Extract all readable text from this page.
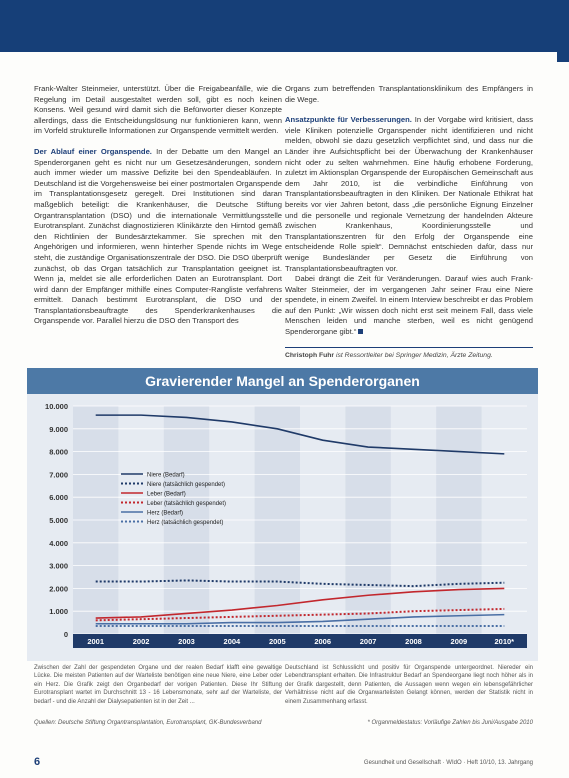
Frank-Walter Steinmeier, unterstützt. Über die Freigabeanfälle, wie die Regelung im Detail ausgestaltet werden soll, gibt es noch keinen Konsens. Weil gesund wird damit sich die Befürworter dieser Konzepte allerdings, dass die Entscheidungslösung nur funktionieren kann, wenn im Vorfeld strukturelle Informationen zur Organspende vermittelt werden.

Der Ablauf einer Organspende. In der Debatte um den Mangel an Spenderorganen geht es nicht nur um Gesetzesänderungen, sondern auch immer wieder um massive Defizite bei den Spendeabläufen. In Deutschland ist die Vorgehensweise bei einer postmortalen Organspende im Transplantationsgesetz geregelt. Drei Institutionen sind daran maßgeblich beteiligt: die Krankenhäuser, die Deutsche Stiftung Organtransplantation (DSO) und die internationale Vermittlungsstelle Eurotransplant. Zunächst diagnostizieren Klinikärzte den Hirntod gemäß den Richtlinien der Bundesärztekammer. Sie sprechen mit den Angehörigen und informieren, wenn hinterher Spende nichts im Wege steht, die zuständige Organisationszentrale der DSO. Die DSO überprüft zunächst, ob das Organ tatsächlich zur Transplantation geeignet ist. Wenn ja, meldet sie alle erforderlichen Daten an Eurotransplant. Dort wird dann der Empfänger mithilfe eines Computer-Rangliste verfahrens ermittelt. Danach bestimmt Eurotransplant, die DSO und der Transplantationsbeauftragte des Spenderkrankenhauses die Organspende vor. Parallel hierzu die DSO den Transport des

Organs zum betreffenden Transplantationsklinikum des Empfängers in die Wege.

Ansatzpunkte für Verbesserungen. In der Vorgabe wird kritisiert, dass viele Kliniken potenzielle Organspender nicht identifizieren und nicht melden, obwohl sie dazu gesetzlich verpflichtet sind, und dass nur die Länder ihre Aufsichtspflicht bei der Überwachung der Krankenhäuser nicht oder zu selten wahrnehmen. Eine häufig erhobene Forderung, zuletzt im Aktionsplan Organspende der Europäischen Gemeinschaft aus dem Jahr 2010, ist die verbindliche Einführung von Transplantationsbeauftragten in den Kliniken. Der Nationale Ethikrat hat bereits vor vier Jahren betont, dass „die persönliche Eignung Einzelner und die personelle und regionale Vernetzung der handelnden Akteure zwischen Krankenhaus, Koordinierungsstelle und Transplantationszentren für den Erfolg der Organspende eine entscheidende Rolle spielt“. Demnächst entschieden dafür, dass nur wenige Bundesländer per Gesetz die Einführung von Transplantationsbeauftragten vor.

Dabei drängt die Zeit für Veränderungen. Darauf wies auch Frank-Walter Steinmeier, der im vergangenen Jahr seiner Frau eine Niere spendete, in einem Zweifel. In einem Interview beschreibt er das Problem auf den Punkt: „Wir wissen doch nicht erst seit meinem Fall, dass viele Menschen leiden und manche sterben, weil es nicht genügend Spenderorgane gibt.“

Christoph Fuhr ist Ressortleiter bei Springer Medizin, Ärzte Zeitung.
Gravierender Mangel an Spenderorganen
0
1.000
2.000
3.000
4.000
5.000
6.000
7.000
8.000
9.000
10.000
2001	2002	2003	2004	2005	2006	2007	2008	2009	2010*
Niere (Bedarf)
Niere (tatsächlich gespendet)
Leber (Bedarf)
Leber (tatsächlich gespendet)
Herz (Bedarf)
Herz (tatsächlich gespendet)
Zwischen der Zahl der gespendeten Organe und der realen Bedarf klafft eine gewaltige Lücke. Die meisten Patienten auf der Warteliste benötigen eine neue Niere, eine Leber oder ein Herz. Die Grafik zeigt den Organbedarf der vorigen Patienten. Diese Ihr Stiftung Eurotransplant wartet im Durchschnitt 13 - 16 Lebensmonate, sehr auf der Warteliste, der bedarf - und die Anzahl der Dialysepatienten ist in der Zeit ...
Deutschland ist Schlusslicht und positiv für Organspende untergeordnet. Niereder ein Lebendtransplant erhalten. Die Infrastruktur Bedarf an Spendeorgane liegt noch höher als in der Grafik dargestellt, denn Patienten, die Aussagen wenn wegen ein lebensgefährlicher Verhältnisse nicht auf die Organwartelisten Gelangt können, werden der Statistik nicht in einem Zusammenhang erfasst.
Quellen: Deutsche Stiftung Organtransplantation, Eurotransplant, GK-Bundesverband	* Organmeldestatus: Vorläufige Zahlen bis Juni/Ausgabe 2010
6	Gesundheit und Gesellschaft · WIdO · Heft 10/10, 13. Jahrgang
